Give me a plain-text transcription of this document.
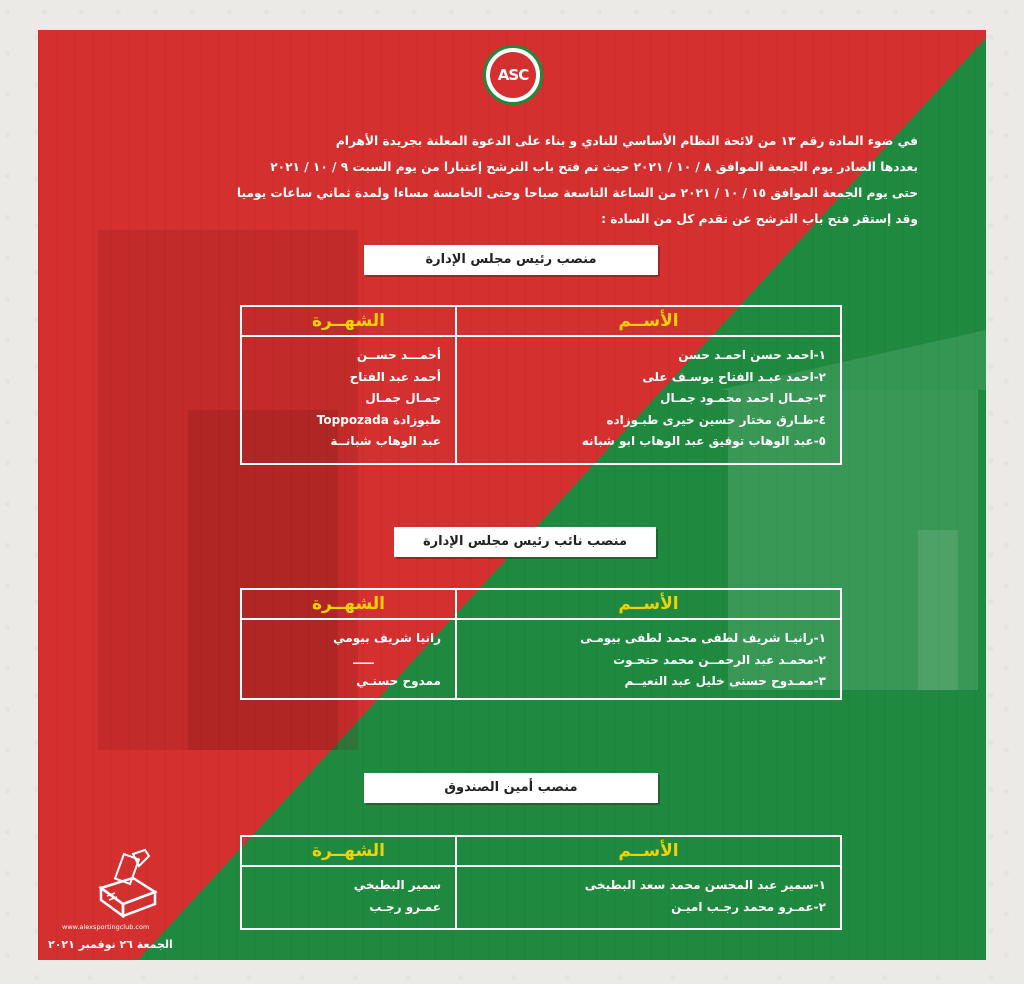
ASC
في ضوء المادة رقم ١٣ من لائحة النظام الأساسي للنادي و بناء على الدعوة المعلنة بجريدة الأهرام
بعددها الصادر يوم الجمعة الموافق ٨ / ١٠ / ٢٠٢١ حيث تم فتح باب الترشح إعتبارا من يوم السبت ٩ / ١٠ / ٢٠٢١
حتى يوم الجمعة الموافق ١٥ / ١٠ / ٢٠٢١ من الساعة التاسعة صباحا وحتى الخامسة مساءا ولمدة ثماني ساعات يوميا
وقد إستقر فتح باب الترشح عن تقدم كل من السادة :
منصب رئيس مجلس الإدارة
الشهــرة
أحمـــد حســن
أحمد عبد الفتاح
جمـال جمـال
طبوزادة Toppozada
عبد الوهاب شبانــة
الأســم
١-احمد حسن احمـد حسن
٢-احمد عبـد الفتاح يوسـف على
٣-جمـال احمد محمـود جمـال
٤-طـارق مختار حسين خيرى طبـوزاده
٥-عبد الوهاب توفيق عبد الوهاب ابو شبانه
منصب نائب رئيس مجلس الإدارة
الشهــرة
رانيا شريف بيومي
ـــــ
ممدوح حسنـي
الأســم
١-رانيـا شريف لطفى محمد لطفى بيومـى
٢-محمـد عبد الرحمــن محمد حتحـوت
٣-ممـدوح حسنى خليل عبد النعيــم
منصب أمين الصندوق
الشهــرة
سمير البطيخي
عمـرو رجـب
الأســم
١-سمير عبد المحسن محمد سعد البطيخى
٢-عمـرو محمد رجـب اميـن
www.alexsportingclub.com
الجمعة ٢٦ نوفمبر ٢٠٢١
